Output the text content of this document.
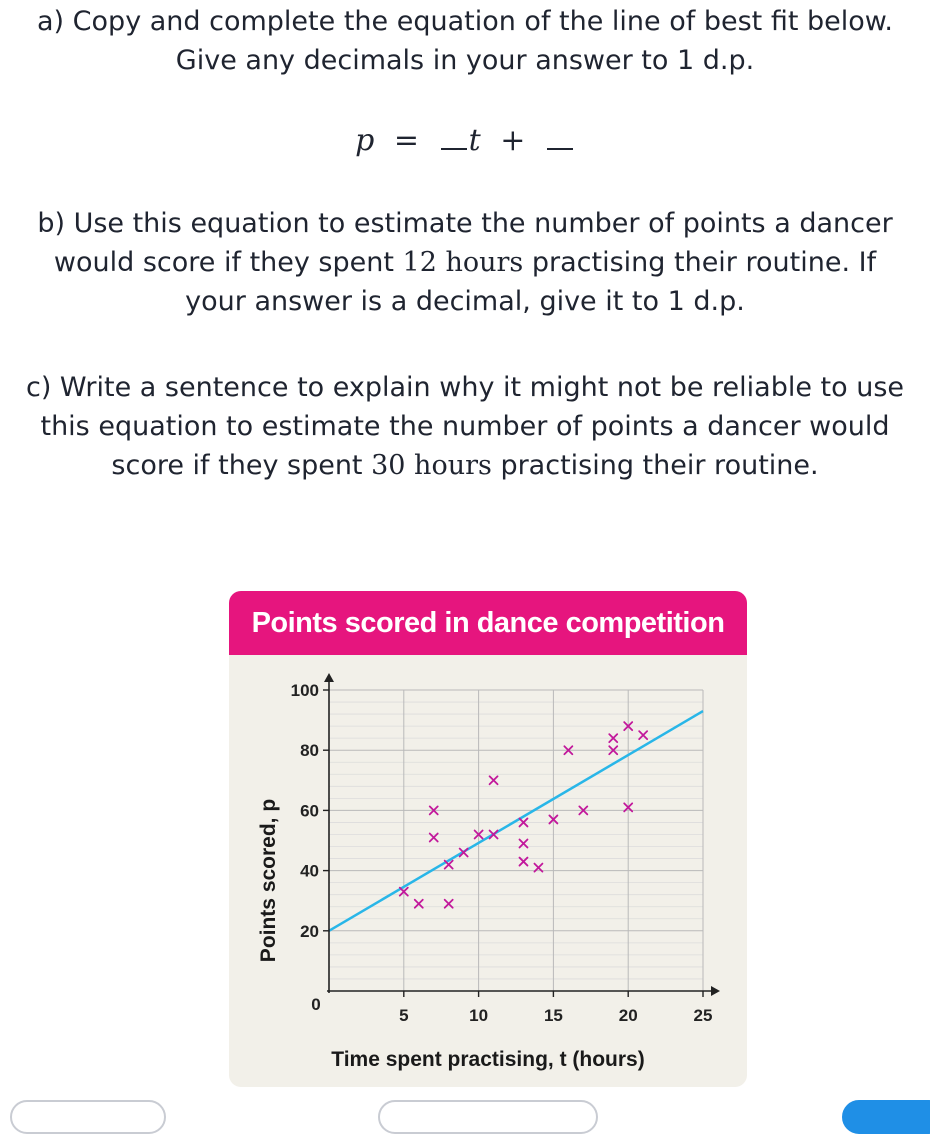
a) Copy and complete the equation of the line of best fit below. Give any decimals in your answer to 1 d.p.
p = t +
b) Use this equation to estimate the number of points a dancer would score if they spent 12 hours practising their routine. If your answer is a decimal, give it to 1 d.p.
c) Write a sentence to explain why it might not be reliable to use this equation to estimate the number of points a dancer would score if they spent 30 hours practising their routine.
Points scored in dance competition
20
40
60
80
100
5	10	15	20	25
0
Time spent practising, t (hours)
Points scored, p
